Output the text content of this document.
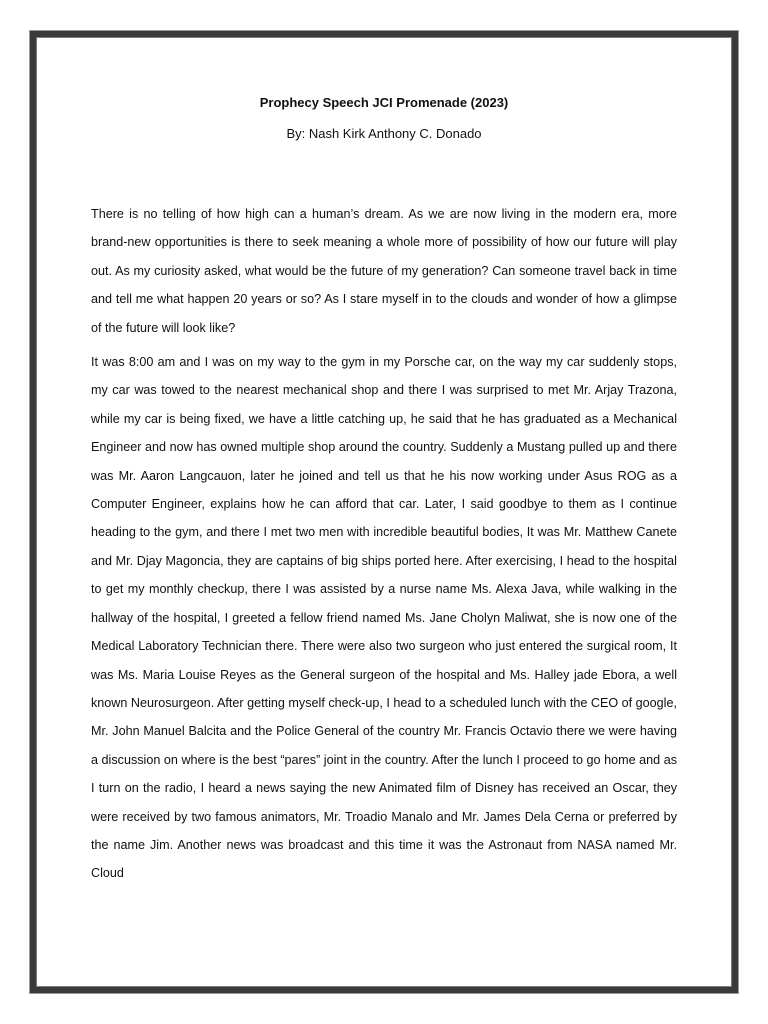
Prophecy Speech JCI Promenade (2023)
By: Nash Kirk Anthony C. Donado

There is no telling of how high can a human’s dream. As we are now living in the modern era, more brand-new opportunities is there to seek meaning a whole more of possibility of how our future will play out. As my curiosity asked, what would be the future of my generation? Can someone travel back in time and tell me what happen 20 years or so? As I stare myself in to the clouds and wonder of how a glimpse of the future will look like?

It was 8:00 am and I was on my way to the gym in my Porsche car, on the way my car suddenly stops, my car was towed to the nearest mechanical shop and there I was surprised to met Mr. Arjay Trazona, while my car is being fixed, we have a little catching up, he said that he has graduated as a Mechanical Engineer and now has owned multiple shop around the country. Suddenly a Mustang pulled up and there was Mr. Aaron Langcauon, later he joined and tell us that he his now working under Asus ROG as a Computer Engineer, explains how he can afford that car. Later, I said goodbye to them as I continue heading to the gym, and there I met two men with incredible beautiful bodies, It was Mr. Matthew Canete and Mr. Djay Magoncia, they are captains of big ships ported here. After exercising, I head to the hospital to get my monthly checkup, there I was assisted by a nurse name Ms. Alexa Java, while walking in the hallway of the hospital, I greeted a fellow friend named Ms. Jane Cholyn Maliwat, she is now one of the Medical Laboratory Technician there. There were also two surgeon who just entered the surgical room, It was Ms. Maria Louise Reyes as the General surgeon of the hospital and Ms. Halley jade Ebora, a well known Neurosurgeon. After getting myself check-up, I head to a scheduled lunch with the CEO of google, Mr. John Manuel Balcita and the Police General of the country Mr. Francis Octavio there we were having a discussion on where is the best “pares” joint in the country. After the lunch I proceed to go home and as I turn on the radio, I heard a news saying the new Animated film of Disney has received an Oscar, they were received by two famous animators, Mr. Troadio Manalo and Mr. James Dela Cerna or preferred by the name Jim. Another news was broadcast and this time it was the Astronaut from NASA named Mr. Cloud
